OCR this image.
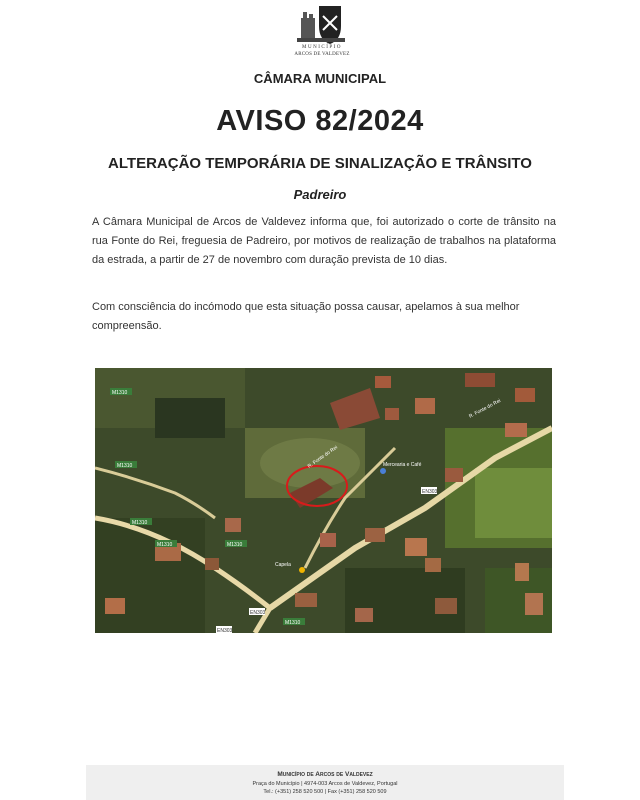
MUNICÍPIO
ARCOS DE VALDEVEZ
CÂMARA MUNICIPAL
AVISO 82/2024
ALTERAÇÃO TEMPORÁRIA DE SINALIZAÇÃO E TRÂNSITO
Padreiro

A Câmara Municipal de Arcos de Valdevez informa que, foi autorizado o corte de trânsito na rua Fonte do Rei, freguesia de Padreiro, por motivos de realização de trabalhos na plataforma da estrada, a partir de 27 de novembro com duração prevista de 10 dias.

Com consciência do incómodo que esta situação possa causar, apelamos à sua melhor compreensão.

M1310
M1310
M1310
M1310	M1310
M1310
R. Fonte do Rei
R. Fonte do Rei
Mercearia e Café
Capela
EN303
EN303
EN303
Município de Arcos de Valdevez
Praça do Município | 4974-003 Arcos de Valdevez, Portugal
Tel.: (+351) 258 520 500 | Fax (+351) 258 520 509
